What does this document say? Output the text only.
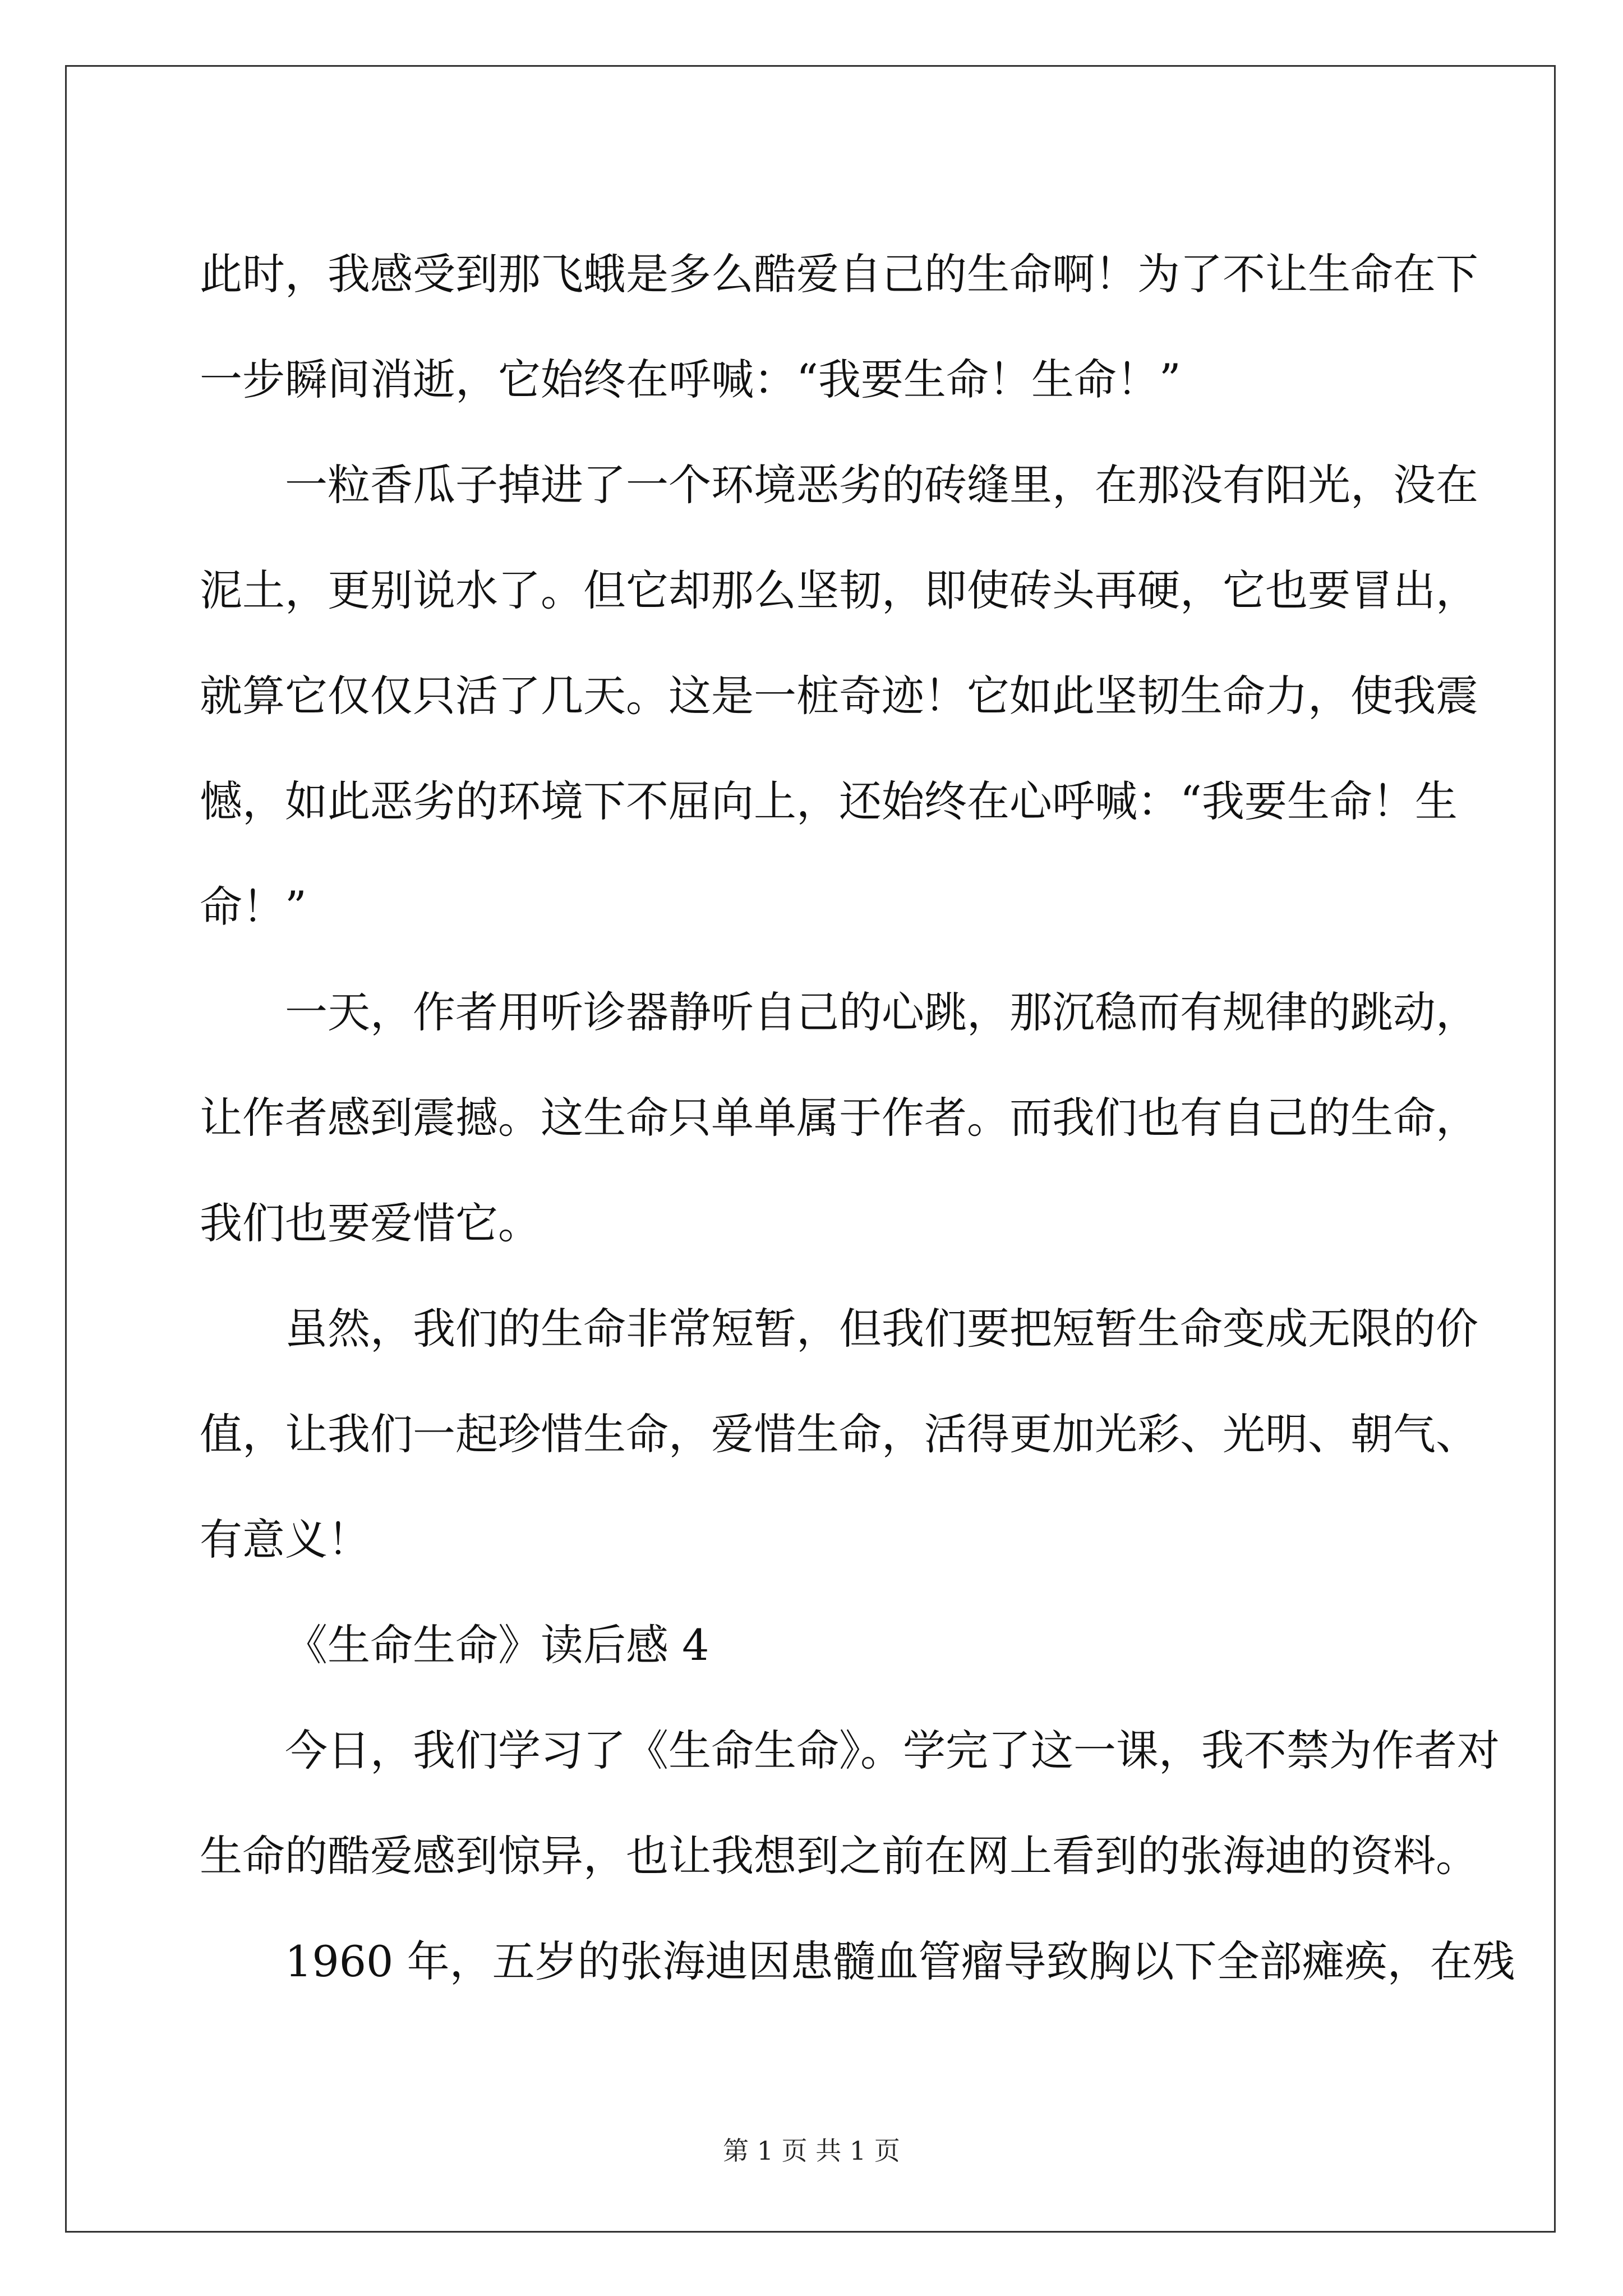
此时，我感受到那飞蛾是多么酷爱自己的生命啊！为了不让生命在下
一步瞬间消逝，它始终在呼喊：“我要生命！生命！”
一粒香瓜子掉进了一个环境恶劣的砖缝里，在那没有阳光，没在
泥土，更别说水了。但它却那么坚韧，即使砖头再硬，它也要冒出，
就算它仅仅只活了几天。这是一桩奇迹！它如此坚韧生命力，使我震
憾，如此恶劣的环境下不屈向上，还始终在心呼喊：“我要生命！生
命！”
一天，作者用听诊器静听自己的心跳，那沉稳而有规律的跳动，
让作者感到震撼。这生命只单单属于作者。而我们也有自己的生命，
我们也要爱惜它。
虽然，我们的生命非常短暂，但我们要把短暂生命变成无限的价
值，让我们一起珍惜生命，爱惜生命，活得更加光彩、光明、朝气、
有意义！
《生命生命》读后感 4
今日，我们学习了《生命生命》。学完了这一课，我不禁为作者对
生命的酷爱感到惊异，也让我想到之前在网上看到的张海迪的资料。
1960 年，五岁的张海迪因患髓血管瘤导致胸以下全部瘫痪，在残
第 1 页 共 1 页
